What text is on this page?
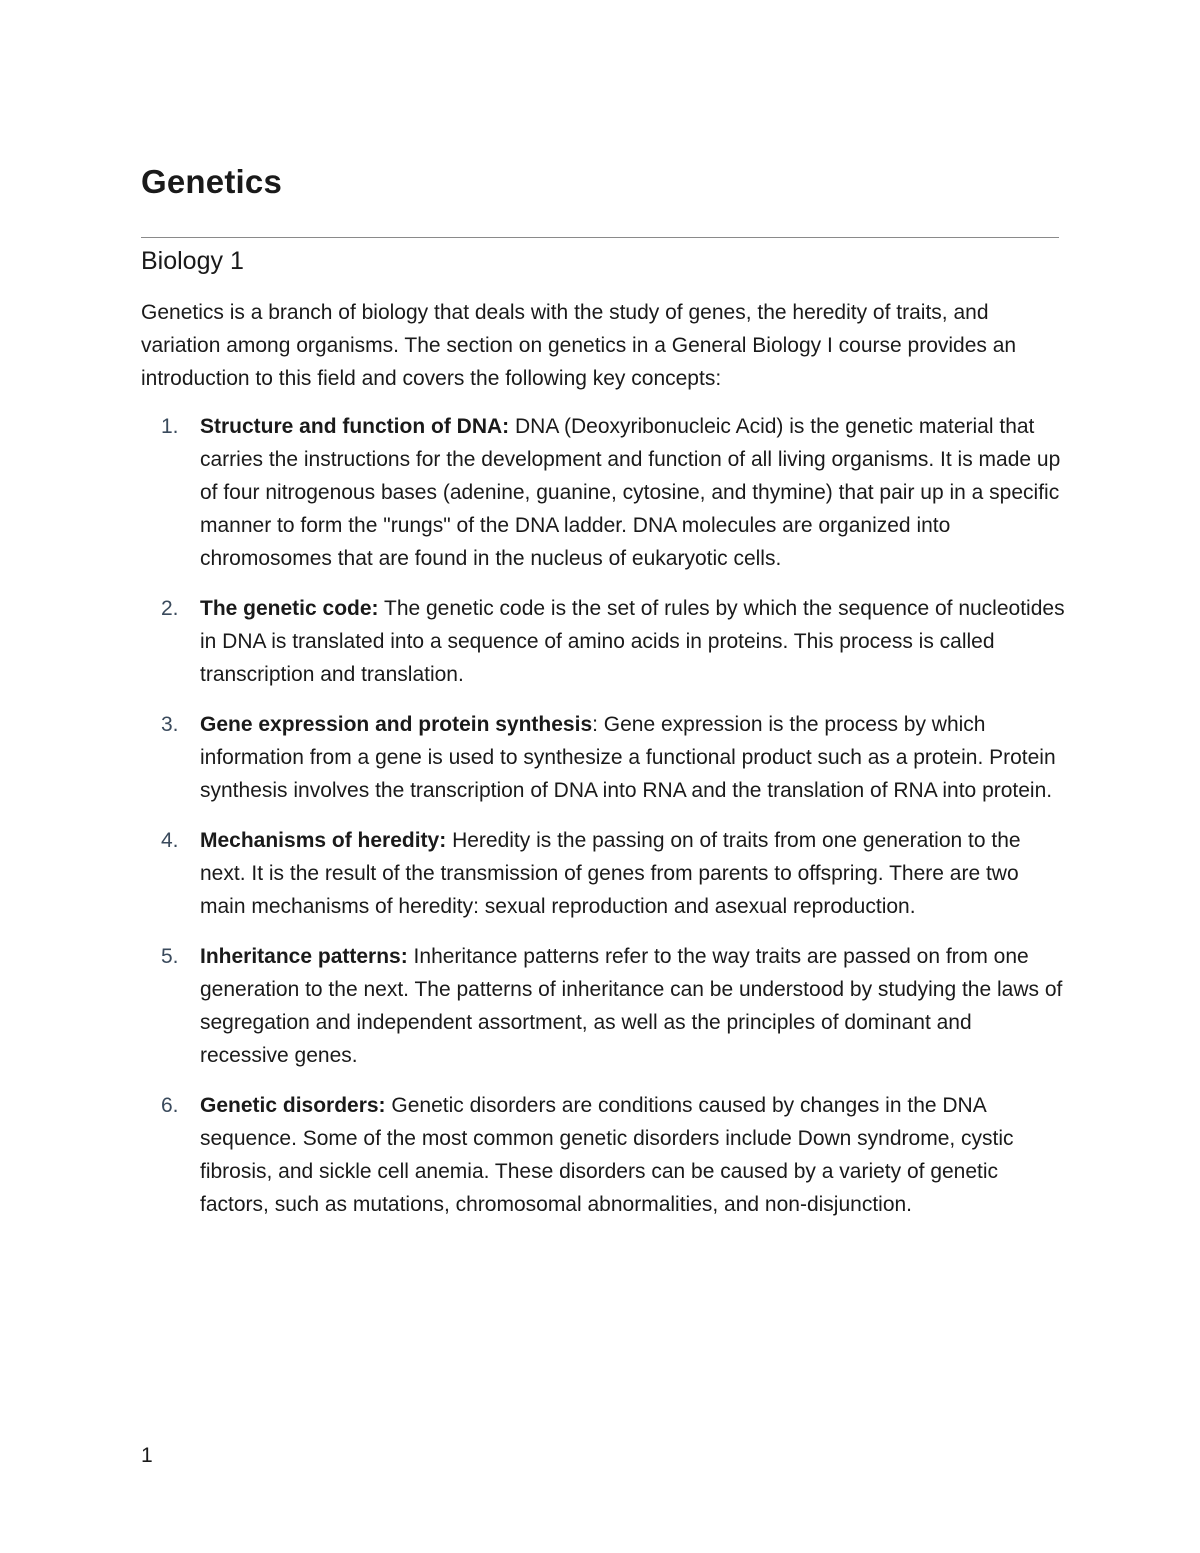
Genetics
Biology 1

Genetics is a branch of biology that deals with the study of genes, the heredity of traits, and variation among organisms. The section on genetics in a General Biology I course provides an introduction to this field and covers the following key concepts:

1.	Structure and function of DNA: DNA (Deoxyribonucleic Acid) is the genetic material that carries the instructions for the development and function of all living organisms. It is made up of four nitrogenous bases (adenine, guanine, cytosine, and thymine) that pair up in a specific manner to form the "rungs" of the DNA ladder. DNA molecules are organized into chromosomes that are found in the nucleus of eukaryotic cells.
2.	The genetic code: The genetic code is the set of rules by which the sequence of nucleotides in DNA is translated into a sequence of amino acids in proteins. This process is called transcription and translation.
3.	Gene expression and protein synthesis: Gene expression is the process by which information from a gene is used to synthesize a functional product such as a protein. Protein synthesis involves the transcription of DNA into RNA and the translation of RNA into protein.
4.	Mechanisms of heredity: Heredity is the passing on of traits from one generation to the next. It is the result of the transmission of genes from parents to offspring. There are two main mechanisms of heredity: sexual reproduction and asexual reproduction.
5.	Inheritance patterns: Inheritance patterns refer to the way traits are passed on from one generation to the next. The patterns of inheritance can be understood by studying the laws of segregation and independent assortment, as well as the principles of dominant and recessive genes.
6.	Genetic disorders: Genetic disorders are conditions caused by changes in the DNA sequence. Some of the most common genetic disorders include Down syndrome, cystic fibrosis, and sickle cell anemia. These disorders can be caused by a variety of genetic factors, such as mutations, chromosomal abnormalities, and non-disjunction.

1
